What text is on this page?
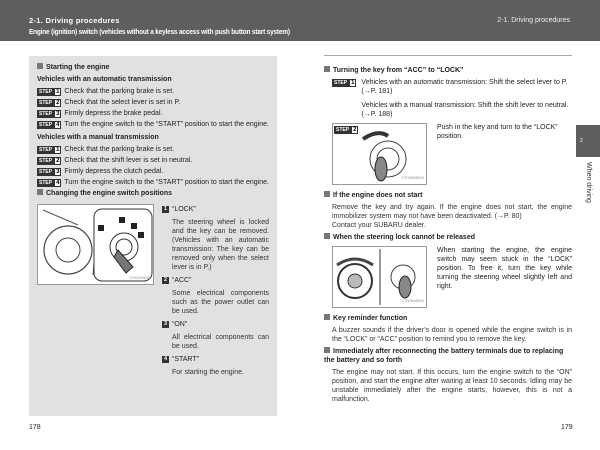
2-1. Driving procedures
Engine (ignition) switch (vehicles without a keyless access with push button start system)
2-1. Driving procedures
Starting the engine
Vehicles with an automatic transmission
STEP 1 Check that the parking brake is set.
STEP 2 Check that the select lever is set in P.
STEP 3 Firmly depress the brake pedal.
STEP 4 Turn the engine switch to the “START” position to start the engine.
Vehicles with a manual transmission
STEP 1 Check that the parking brake is set.
STEP 2 Check that the shift lever is set in neutral.
STEP 3 Firmly depress the clutch pedal.
STEP 4 Turn the engine switch to the “START” position to start the engine.
Changing the engine switch positions
CTH21AN002
1 “LOCK”
The steering wheel is locked and the key can be removed. (Vehicles with an automatic transmission: The key can be removed only when the select lever is in P.)
2 “ACC”
Some electrical components such as the power outlet can be used.
3 “ON”
All electrical components can be used.
4 “START”
For starting the engine.
178
Turning the key from “ACC” to “LOCK”
STEP 1 Vehicles with an automatic transmission: Shift the select lever to P. (→P. 181)
Vehicles with a manual transmission: Shift the shift lever to neutral. (→P. 188)
STEP 2
CTH2HAN003
Push in the key and turn to the “LOCK” position.
If the engine does not start
Remove the key and try again. If the engine does not start, the engine immobilizer system may not have been deactivated. (→P. 80)
Contact your SUBARU dealer.
When the steering lock cannot be released
CTH2HAN004
When starting the engine, the engine switch may seem stuck in the “LOCK” position. To free it, turn the key while turning the steering wheel slightly left and right.
Key reminder function
A buzzer sounds if the driver’s door is opened while the engine switch is in the “LOCK” or “ACC” position to remind you to remove the key.
Immediately after reconnecting the battery terminals due to replacing the battery and so forth
The engine may not start. If this occurs, turn the engine switch to the “ON” position, and start the engine after waiting at least 10 seconds. Idling may be unstable immediately after the engine starts, however, this is not a malfunction.
179
2
When driving
